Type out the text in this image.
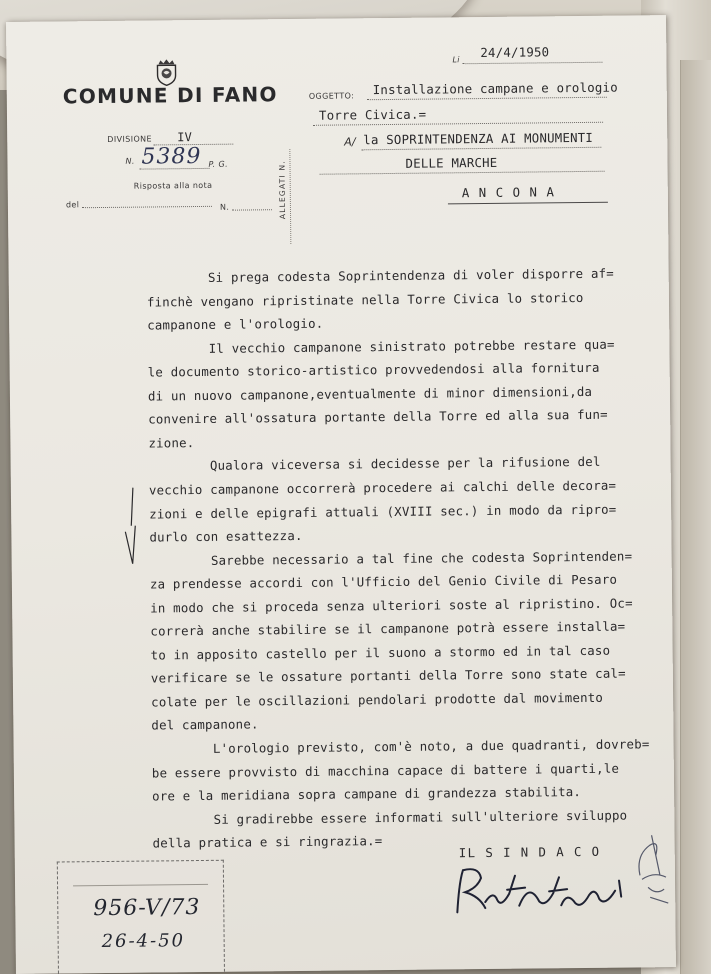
COMUNE DI FANO
DIVISIONE IV
N. 5389 P. G.
Risposta alla nota
del	N.	ALLEGATI N.
Li 24/4/1950
OGGETTO: Installazione campane e orologio
Torre Civica.=
A/ la SOPRINTENDENZA AI MONUMENTI
DELLE MARCHE
A N C O N A
Si prega codesta Soprintendenza di voler disporre af=
finchè vengano ripristinate nella Torre Civica lo storico
campanone e l'orologio.
Il vecchio campanone sinistrato potrebbe restare qua=
le documento storico-artistico provvedendosi alla fornitura
di un nuovo campanone,eventualmente di minor dimensioni,da
convenire all'ossatura portante della Torre ed alla sua fun=
zione.
Qualora viceversa si decidesse per la rifusione del
vecchio campanone occorrerà procedere ai calchi delle decora=
zioni e delle epigrafi attuali (XVIII sec.) in modo da ripro=
durlo con esattezza.
Sarebbe necessario a tal fine che codesta Soprintenden=
za prendesse accordi con l'Ufficio del Genio Civile di Pesaro
in modo che si proceda senza ulteriori soste al ripristino. Oc=
correrà anche stabilire se il campanone potrà essere installa=
to in apposito castello per il suono a stormo ed in tal caso
verificare se le ossature portanti della Torre sono state cal=
colate per le oscillazioni pendolari prodotte dal movimento
del campanone.
L'orologio previsto, com'è noto, a due quadranti, dovreb=
be essere provvisto di macchina capace di battere i quarti,le
ore e la meridiana sopra campane di grandezza stabilita.
Si gradirebbe essere informati sull'ulteriore sviluppo
della pratica e si ringrazia.=
IL S I N D A C O
956-V/73
26-4-50
